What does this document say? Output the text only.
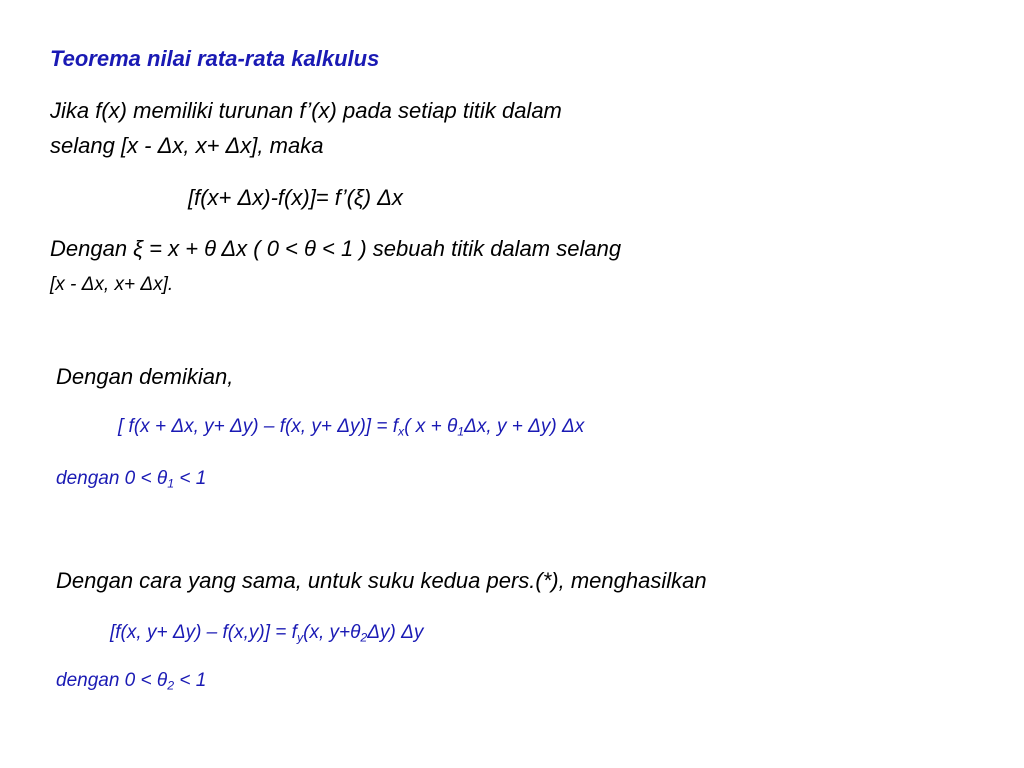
Teorema nilai rata-rata kalkulus

Jika f(x) memiliki turunan f’(x) pada setiap titik dalam

selang [x - Δx, x+ Δx], maka

[f(x+ Δx)-f(x)]= f’(ξ) Δx

Dengan ξ = x + θ Δx ( 0 < θ < 1 ) sebuah titik dalam selang

[x - Δx, x+ Δx].

Dengan demikian,

[ f(x + Δx, y+ Δy) – f(x, $y+ \Delta y)] = f_x$( $x + \theta_1\Delta x$, y + Δy) Δx

dengan $0 < \theta_1 < 1$

Dengan cara yang sama, untuk suku kedua pers.(*), menghasilkan

[f(x, $y+ \Delta y) - f(x,y)] = f_y(x$, $y+\theta_2\Delta y$) Δy

dengan $0 < \theta_2 < 1$
